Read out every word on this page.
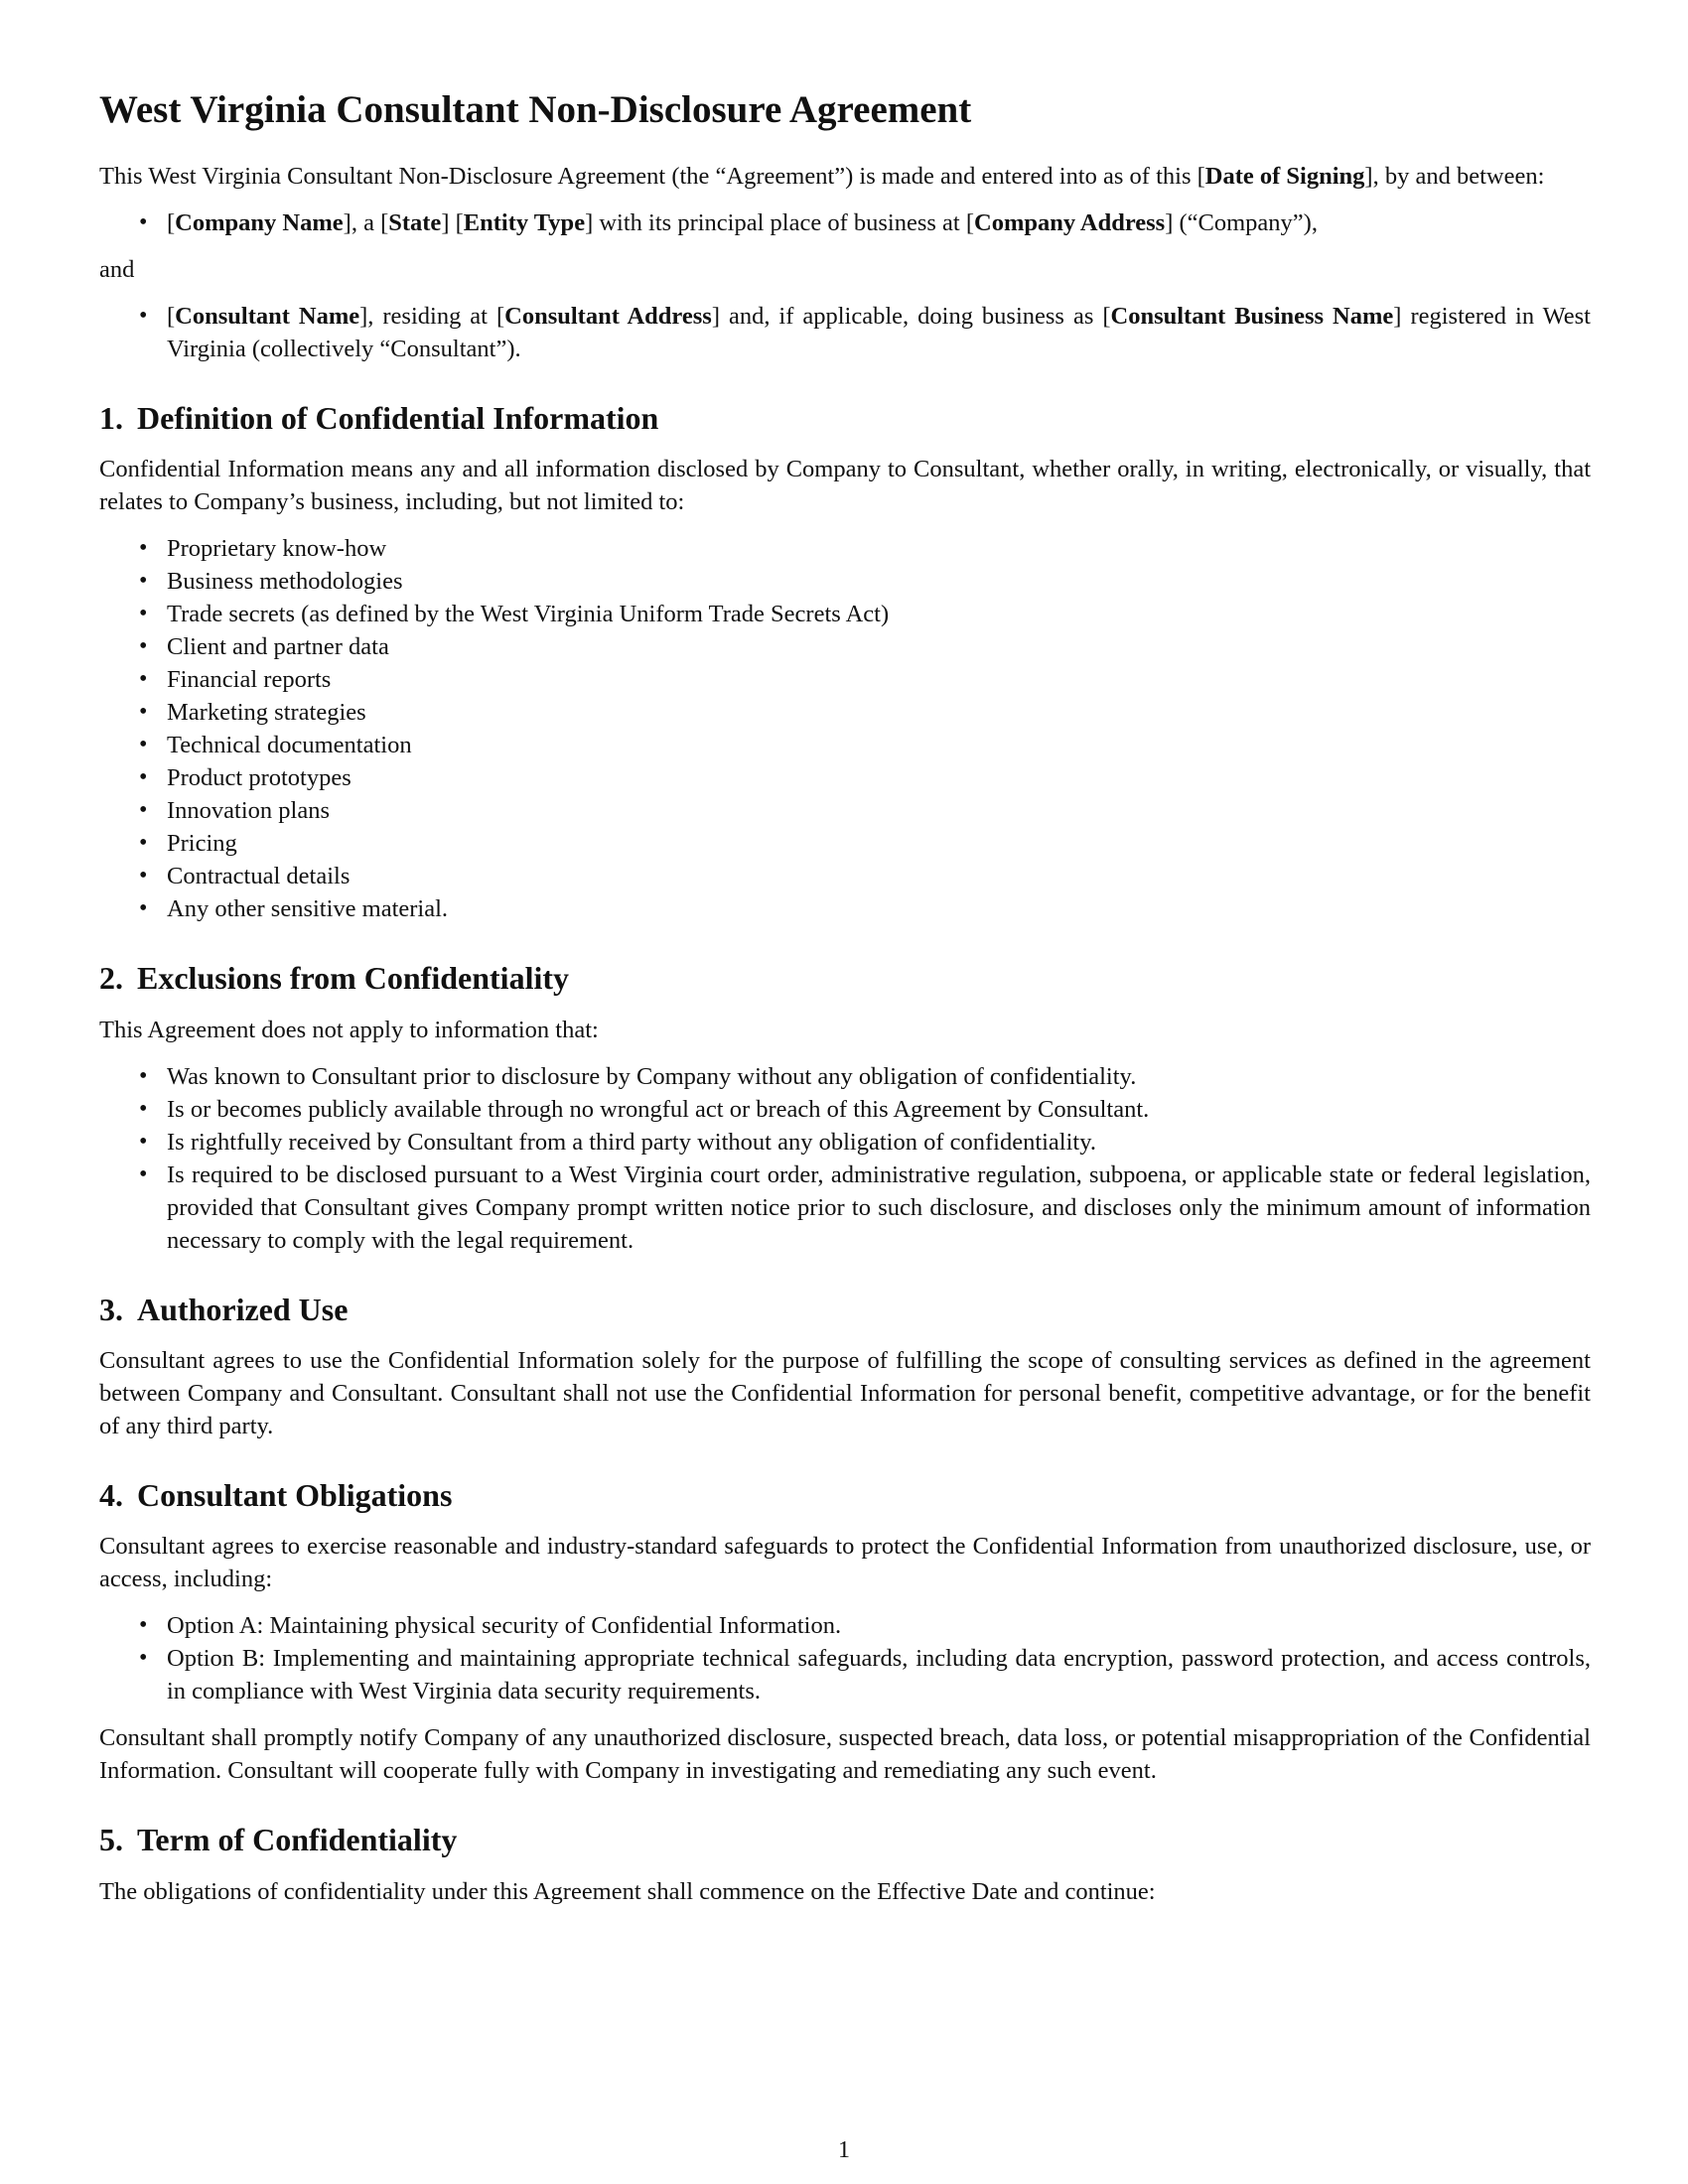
West Virginia Consultant Non-Disclosure Agreement

This West Virginia Consultant Non-Disclosure Agreement (the “Agreement”) is made and entered into as of this [Date of Signing], by and between:

• [Company Name], a [State] [Entity Type] with its principal place of business at [Company Address] (“Company”),

and

• [Consultant Name], residing at [Consultant Address] and, if applicable, doing business as [Consultant Business Name] registered in West Virginia (collectively “Consultant”).
1. Definition of Confidential Information

Confidential Information means any and all information disclosed by Company to Consultant, whether orally, in writing, electronically, or visually, that relates to Company’s business, including, but not limited to:

• Proprietary know-how
• Business methodologies
• Trade secrets (as defined by the West Virginia Uniform Trade Secrets Act)
• Client and partner data
• Financial reports
• Marketing strategies
• Technical documentation
• Product prototypes
• Innovation plans
• Pricing
• Contractual details
• Any other sensitive material.
2. Exclusions from Confidentiality

This Agreement does not apply to information that:

• Was known to Consultant prior to disclosure by Company without any obligation of confidentiality.
• Is or becomes publicly available through no wrongful act or breach of this Agreement by Consultant.
• Is rightfully received by Consultant from a third party without any obligation of confidentiality.
• Is required to be disclosed pursuant to a West Virginia court order, administrative regulation, subpoena, or applicable state or federal legislation, provided that Consultant gives Company prompt written notice prior to such disclosure, and discloses only the minimum amount of information necessary to comply with the legal requirement.
3. Authorized Use

Consultant agrees to use the Confidential Information solely for the purpose of fulfilling the scope of consulting services as defined in the agreement between Company and Consultant. Consultant shall not use the Confidential Information for personal benefit, competitive advantage, or for the benefit of any third party.

4. Consultant Obligations

Consultant agrees to exercise reasonable and industry-standard safeguards to protect the Confidential Information from unauthorized disclosure, use, or access, including:

• Option A: Maintaining physical security of Confidential Information.
• Option B: Implementing and maintaining appropriate technical safeguards, including data encryption, password protection, and access controls, in compliance with West Virginia data security requirements.

Consultant shall promptly notify Company of any unauthorized disclosure, suspected breach, data loss, or potential misappropriation of the Confidential Information. Consultant will cooperate fully with Company in investigating and remediating any such event.

5. Term of Confidentiality

The obligations of confidentiality under this Agreement shall commence on the Effective Date and continue:

1
